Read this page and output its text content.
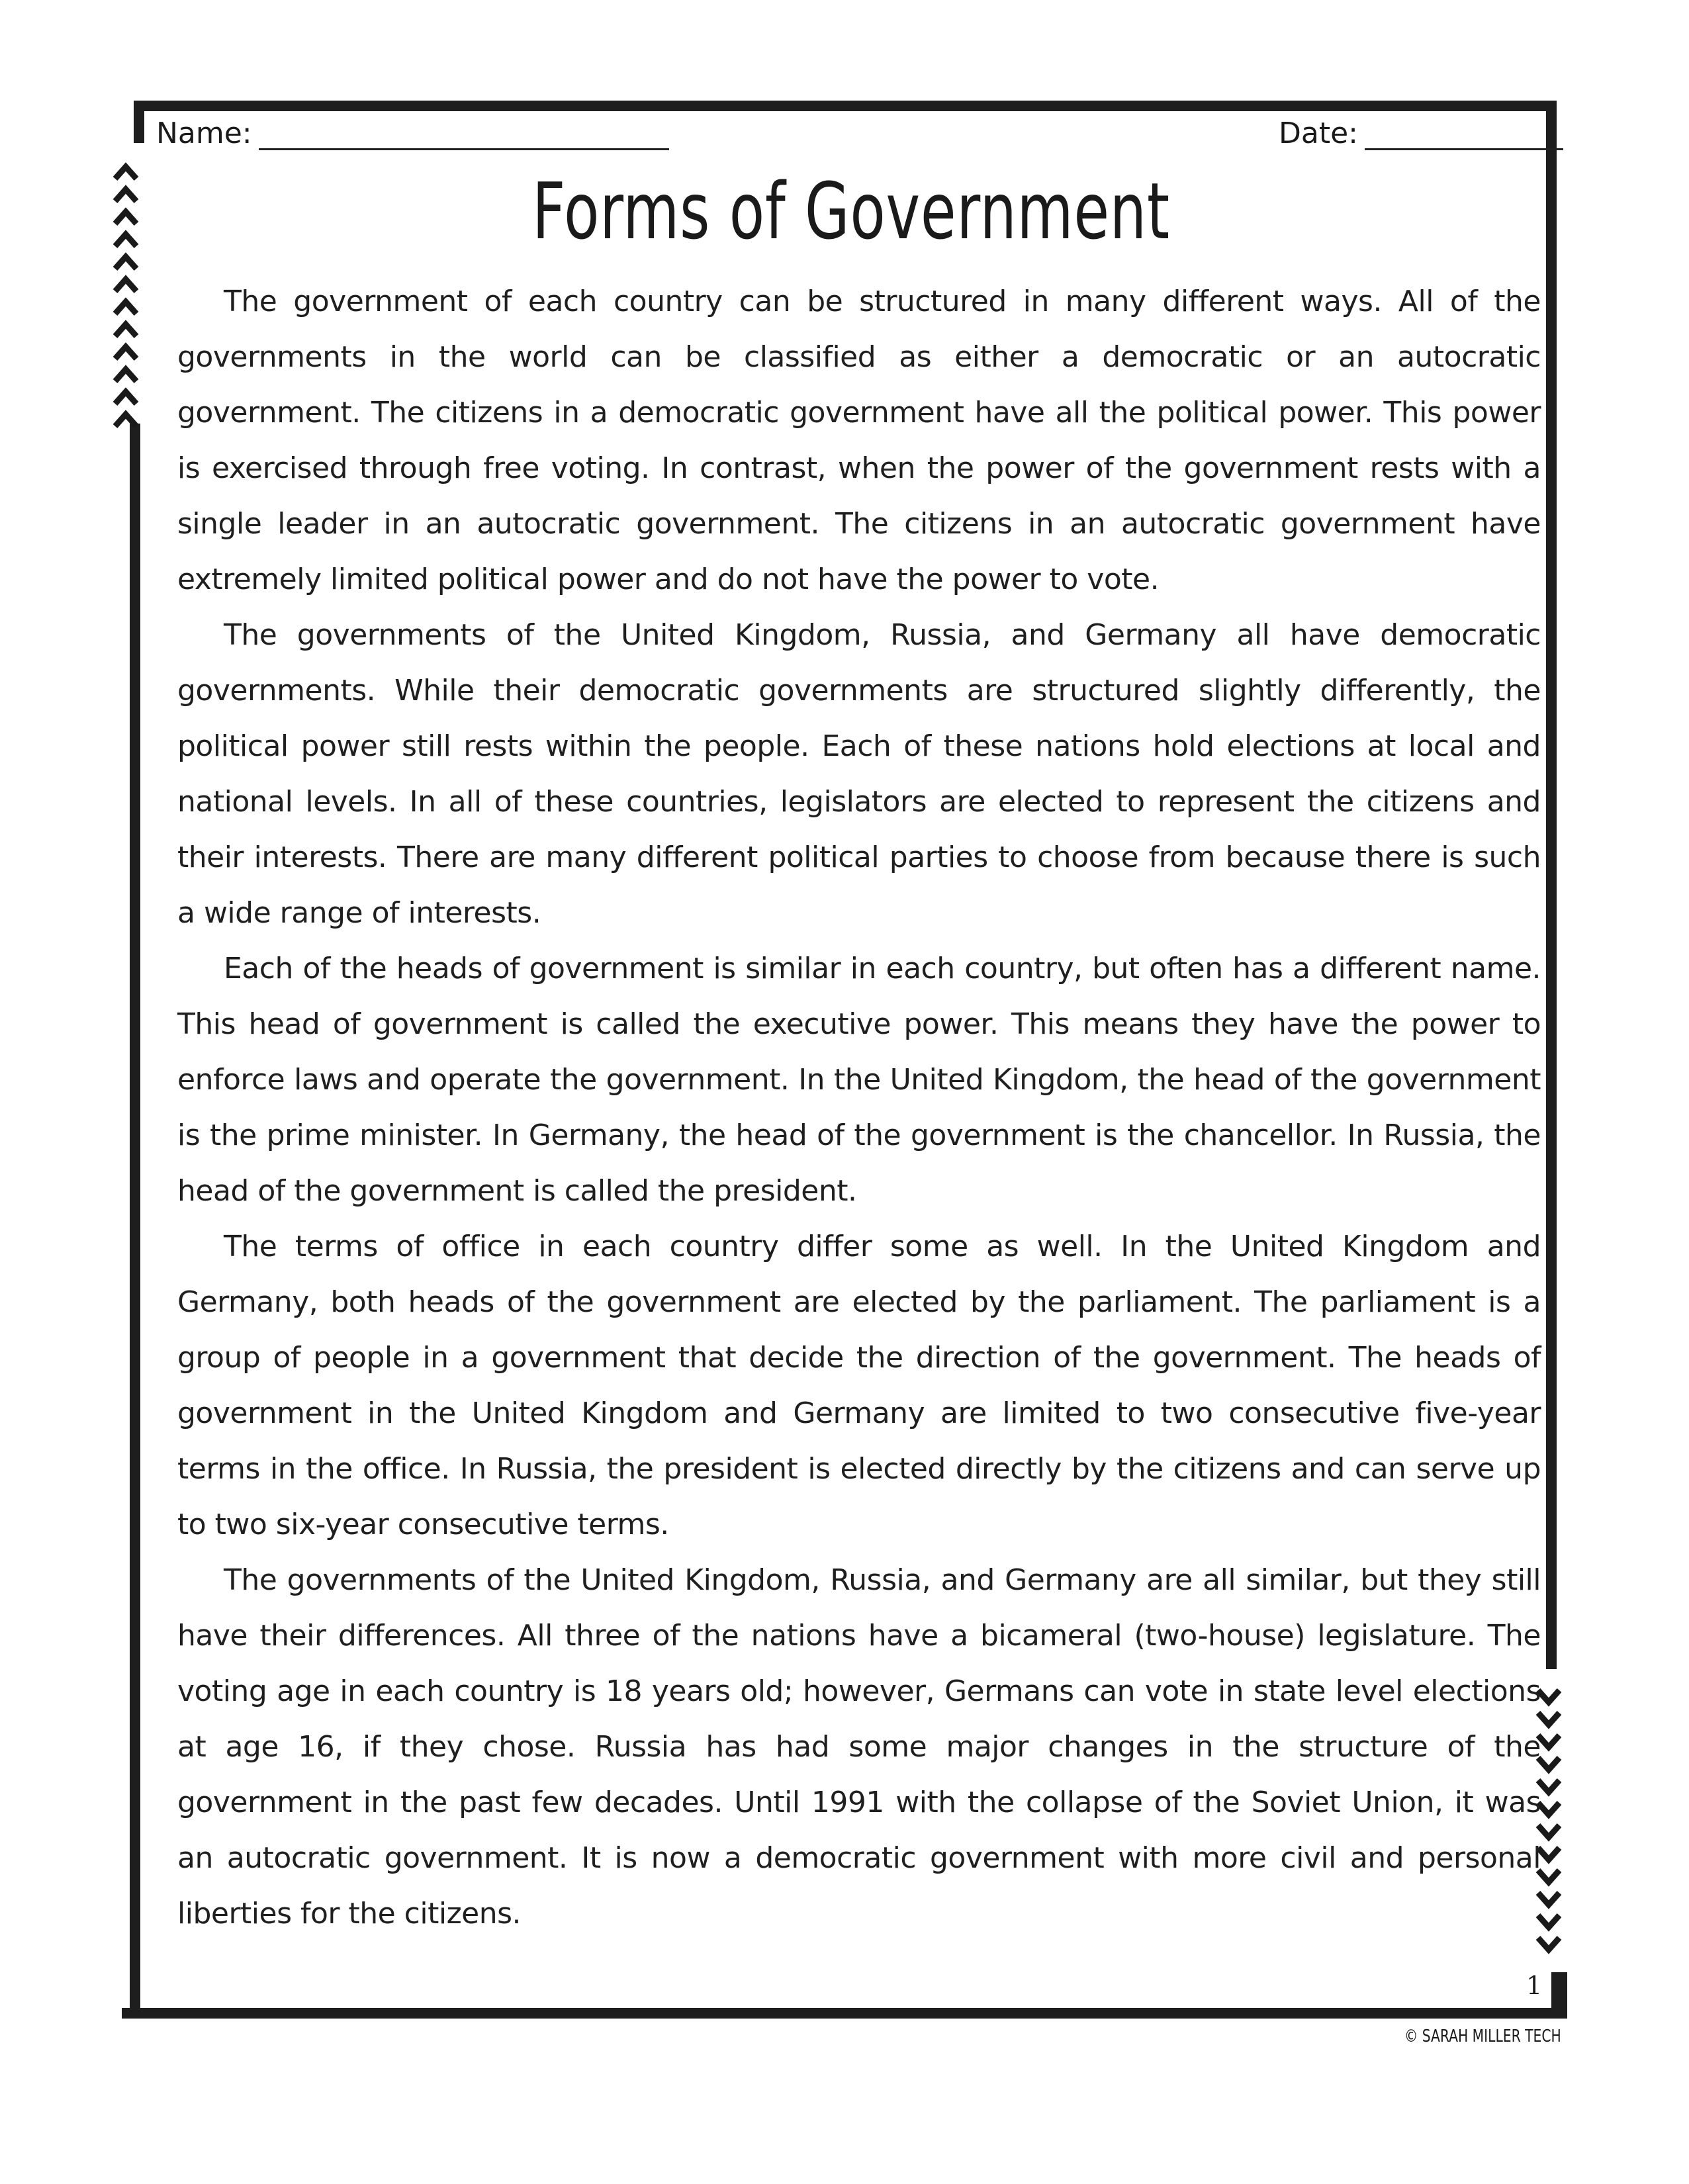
Name:	Date:
Forms of Government

The government of each country can be structured in many different ways. All of the governments in the world can be classified as either a democratic or an autocratic government. The citizens in a democratic government have all the political power. This power is exercised through free voting. In contrast, when the power of the government rests with a single leader in an autocratic government. The citizens in an autocratic government have extremely limited political power and do not have the power to vote.

The governments of the United Kingdom, Russia, and Germany all have democratic governments. While their democratic governments are structured slightly differently, the political power still rests within the people. Each of these nations hold elections at local and national levels. In all of these countries, legislators are elected to represent the citizens and their interests. There are many different political parties to choose from because there is such a wide range of interests.

Each of the heads of government is similar in each country, but often has a different name. This head of government is called the executive power. This means they have the power to enforce laws and operate the government. In the United Kingdom, the head of the government is the prime minister. In Germany, the head of the government is the chancellor. In Russia, the head of the government is called the president.

The terms of office in each country differ some as well. In the United Kingdom and Germany, both heads of the government are elected by the parliament. The parliament is a group of people in a government that decide the direction of the government. The heads of government in the United Kingdom and Germany are limited to two consecutive five-year terms in the office. In Russia, the president is elected directly by the citizens and can serve up to two six-year consecutive terms.

The governments of the United Kingdom, Russia, and Germany are all similar, but they still have their differences. All three of the nations have a bicameral (two-house) legislature. The voting age in each country is 18 years old; however, Germans can vote in state level elections at age 16, if they chose. Russia has had some major changes in the structure of the government in the past few decades. Until 1991 with the collapse of the Soviet Union, it was an autocratic government. It is now a democratic government with more civil and personal liberties for the citizens.

1
© SARAH MILLER TECH
